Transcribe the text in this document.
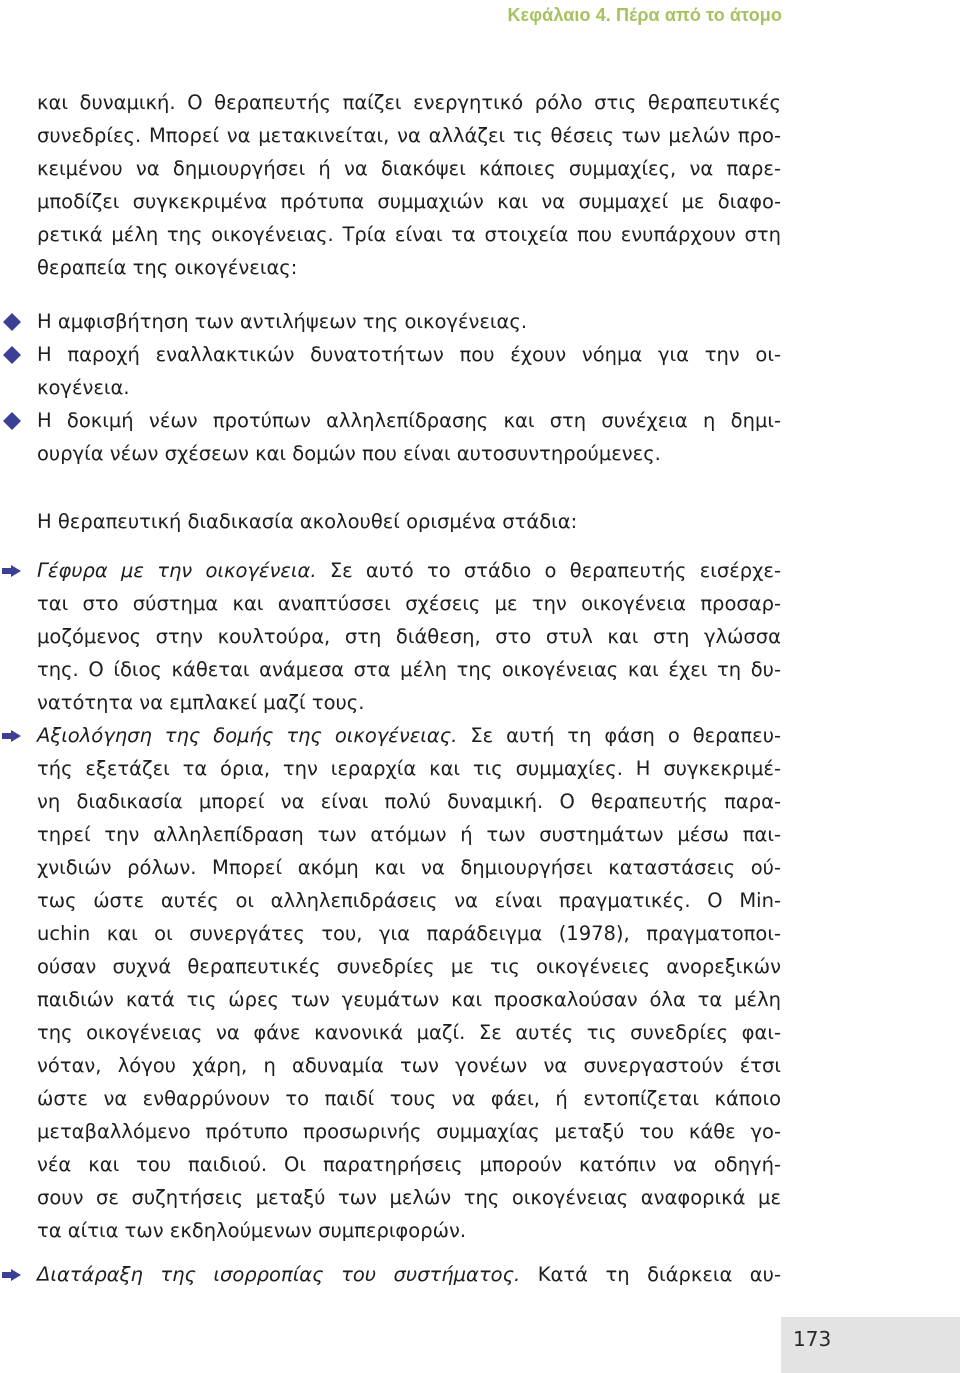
Κεφάλαιο 4. Πέρα από το άτομο
και δυναμική. Ο θεραπευτής παίζει ενεργητικό ρόλο στις θεραπευτικές
συνεδρίες. Μπορεί να μετακινείται, να αλλάζει τις θέσεις των μελών προ-
κειμένου να δημιουργήσει ή να διακόψει κάποιες συμμαχίες, να παρε-
μποδίζει συγκεκριμένα πρότυπα συμμαχιών και να συμμαχεί με διαφο-
ρετικά μέλη της οικογένειας. Τρία είναι τα στοιχεία που ενυπάρχουν στη
θεραπεία της οικογένειας:
Η αμφισβήτηση των αντιλήψεων της οικογένειας.
Η παροχή εναλλακτικών δυνατοτήτων που έχουν νόημα για την οι-
κογένεια.
Η δοκιμή νέων προτύπων αλληλεπίδρασης και στη συνέχεια η δημι-
ουργία νέων σχέσεων και δομών που είναι αυτοσυντηρούμενες.
Η θεραπευτική διαδικασία ακολουθεί ορισμένα στάδια:
Γέφυρα με την οικογένεια. Σε αυτό το στάδιο ο θεραπευτής εισέρχε-
ται στο σύστημα και αναπτύσσει σχέσεις με την οικογένεια προσαρ-
μοζόμενος στην κουλτούρα, στη διάθεση, στο στυλ και στη γλώσσα
της. Ο ίδιος κάθεται ανάμεσα στα μέλη της οικογένειας και έχει τη δυ-
νατότητα να εμπλακεί μαζί τους.
Αξιολόγηση της δομής της οικογένειας. Σε αυτή τη φάση ο θεραπευ-
τής εξετάζει τα όρια, την ιεραρχία και τις συμμαχίες. Η συγκεκριμέ-
νη διαδικασία μπορεί να είναι πολύ δυναμική. Ο θεραπευτής παρα-
τηρεί την αλληλεπίδραση των ατόμων ή των συστημάτων μέσω παι-
χνιδιών ρόλων. Μπορεί ακόμη και να δημιουργήσει καταστάσεις ού-
τως ώστε αυτές οι αλληλεπιδράσεις να είναι πραγματικές. Ο Min-
uchin και οι συνεργάτες του, για παράδειγμα (1978), πραγματοποι-
ούσαν συχνά θεραπευτικές συνεδρίες με τις οικογένειες ανορεξικών
παιδιών κατά τις ώρες των γευμάτων και προσκαλούσαν όλα τα μέλη
της οικογένειας να φάνε κανονικά μαζί. Σε αυτές τις συνεδρίες φαι-
νόταν, λόγου χάρη, η αδυναμία των γονέων να συνεργαστούν έτσι
ώστε να ενθαρρύνουν το παιδί τους να φάει, ή εντοπίζεται κάποιο
μεταβαλλόμενο πρότυπο προσωρινής συμμαχίας μεταξύ του κάθε γο-
νέα και του παιδιού. Οι παρατηρήσεις μπορούν κατόπιν να οδηγή-
σουν σε συζητήσεις μεταξύ των μελών της οικογένειας αναφορικά με
τα αίτια των εκδηλούμενων συμπεριφορών.
Διατάραξη της ισορροπίας του συστήματος. Κατά τη διάρκεια αυ-
173
